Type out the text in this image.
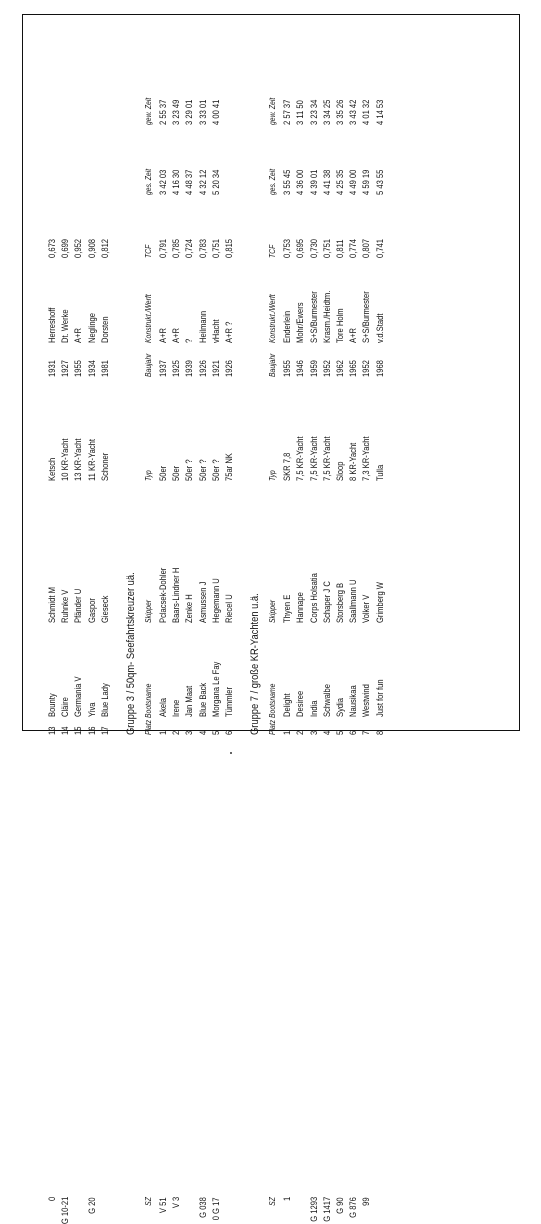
13
Bounty
Schmidt M
0
Ketsch
1931
Herreshoff
0,673
14
Cläire
Ruhnke V
G 10-21
10 KR-Yacht
1927
Dt. Werke
0,699
15
Germania V
Pfänder U
13 KR-Yacht
1955
A+R
0,952
16
Yiva
Gaspor
G 20
11 KR-Yacht
1934
Neglinge
0,908
17
Blue Lady
Gieseck
Schoner
1981
Dorsten
0,812
Gruppe 3 / 50qm- Seefahrtskreuzer uä. Platz Bootsname
Skipper
SZ
Typ
Baujahr
Konstrukt./Werft
TCF
ges. Zeit
gew. Zeit
1
Akela
Pclacsek-Dohler
V 51
50er
1937
A+R
0,791
3 42 03
2 55 37
2
Irene
Baars-Lindner H
V 3
50er
1925
A+R
0,785
4 16 30
3 23 49
3
Jan Maat
Zenke H
50er ?
1939
?
0,724
4 48 37
3 29 01
4
Blue Back
Asmussen J
G 038
50er ?
1926
Heilmann
0,783
4 32 12
3 33 01
5
Morgana Le Fay
Hegemann U
0 G 17
50er ?
1921
vHacht
0,751
5 20 34
4 00 41
6
Tümmler
Riecel U
75ar NK
1926
A+R ?
0,815
Gruppe 7 / große KR-Yachten u.ä. Platz Bootsname
Skipper
SZ
Typ
Baujahr
Konstrukt./Werft
TCF
ges. Zeit
gew. Zeit
1
Delight
Thyen E
1
SKR 7,8
1955
Enderlein
0,753
3 55 45
2 57 37
2
Desiree
Hannape
7,5 KR-Yacht
1946
Mohr/Ewers
0,695
4 36 00
3 11 50
3
India
Corps Holsatia
G 1293
7,5 KR-Yacht
1959
S+S/Burmester
0,730
4 39 01
3 23 34
4
Schwalbe
Schaper J C
G 1417
7,5 KR-Yacht
1952
Krasm./Heidtm.
0,751
4 41 38
3 34 25
5
Sydia
Storsberg B
G 90
Sloop
1962
Tore Holm
0,811
4 25 35
3 35 26
6
Nausikaa
Saallmann U
G 876
8 KR-Yacht
1965
A+R
0,774
4 49 00
3 43 42
7
Westwind
Volker V
99
7,3 KR-Yacht
1952
S+S/Burmester
0,807
4 59 19
4 01 32
8
Just for fun
Grimberg W
Tulla
1968
v.d.Stadt
0,741
5 43 55
4 14 53
